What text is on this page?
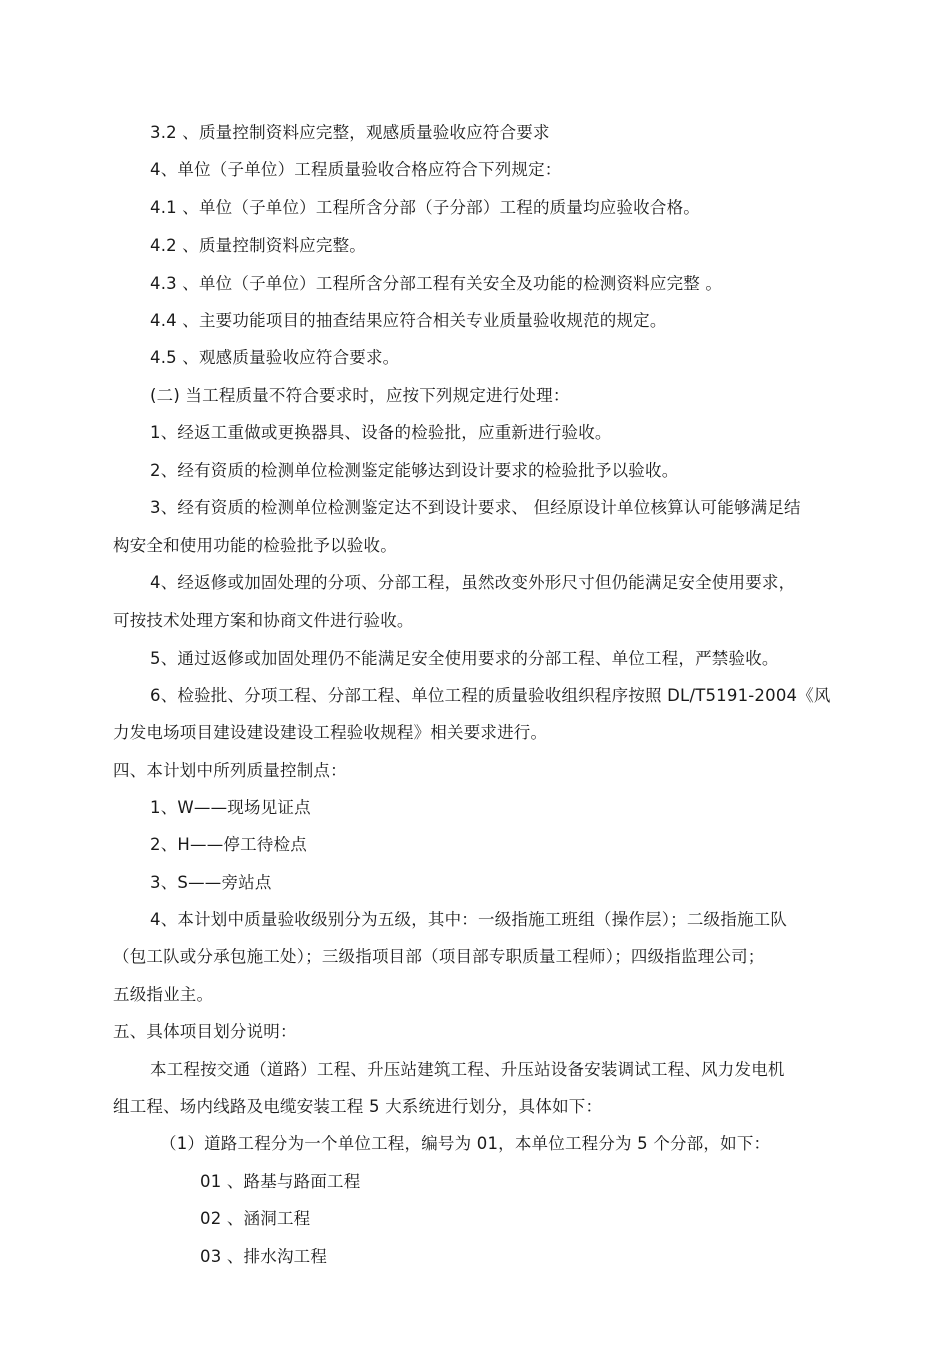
3.2 、质量控制资料应完整，观感质量验收应符合要求
4、单位（子单位）工程质量验收合格应符合下列规定：
4.1 、单位（子单位）工程所含分部（子分部）工程的质量均应验收合格。
4.2 、质量控制资料应完整。
4.3 、单位（子单位）工程所含分部工程有关安全及功能的检测资料应完整 。
4.4 、主要功能项目的抽查结果应符合相关专业质量验收规范的规定。
4.5 、观感质量验收应符合要求。
(二) 当工程质量不符合要求时，应按下列规定进行处理：
1、经返工重做或更换器具、设备的检验批，应重新进行验收。
2、经有资质的检测单位检测鉴定能够达到设计要求的检验批予以验收。
3、经有资质的检测单位检测鉴定达不到设计要求、 但经原设计单位核算认可能够满足结
构安全和使用功能的检验批予以验收。
4、经返修或加固处理的分项、分部工程，虽然改变外形尺寸但仍能满足安全使用要求，
可按技术处理方案和协商文件进行验收。
5、通过返修或加固处理仍不能满足安全使用要求的分部工程、单位工程，严禁验收。
6、检验批、分项工程、分部工程、单位工程的质量验收组织程序按照 DL/T5191-2004《风
力发电场项目建设建设建设工程验收规程》相关要求进行。
四、本计划中所列质量控制点：
1、W——现场见证点
2、H——停工待检点
3、S——旁站点
4、本计划中质量验收级别分为五级，其中：一级指施工班组（操作层）；二级指施工队
（包工队或分承包施工处）；三级指项目部（项目部专职质量工程师）；四级指监理公司；
五级指业主。
五、具体项目划分说明：
本工程按交通（道路）工程、升压站建筑工程、升压站设备安装调试工程、风力发电机
组工程、场内线路及电缆安装工程 5 大系统进行划分，具体如下：
（1）道路工程分为一个单位工程，编号为 01，本单位工程分为 5 个分部，如下：
01 、路基与路面工程
02 、涵洞工程
03 、排水沟工程
